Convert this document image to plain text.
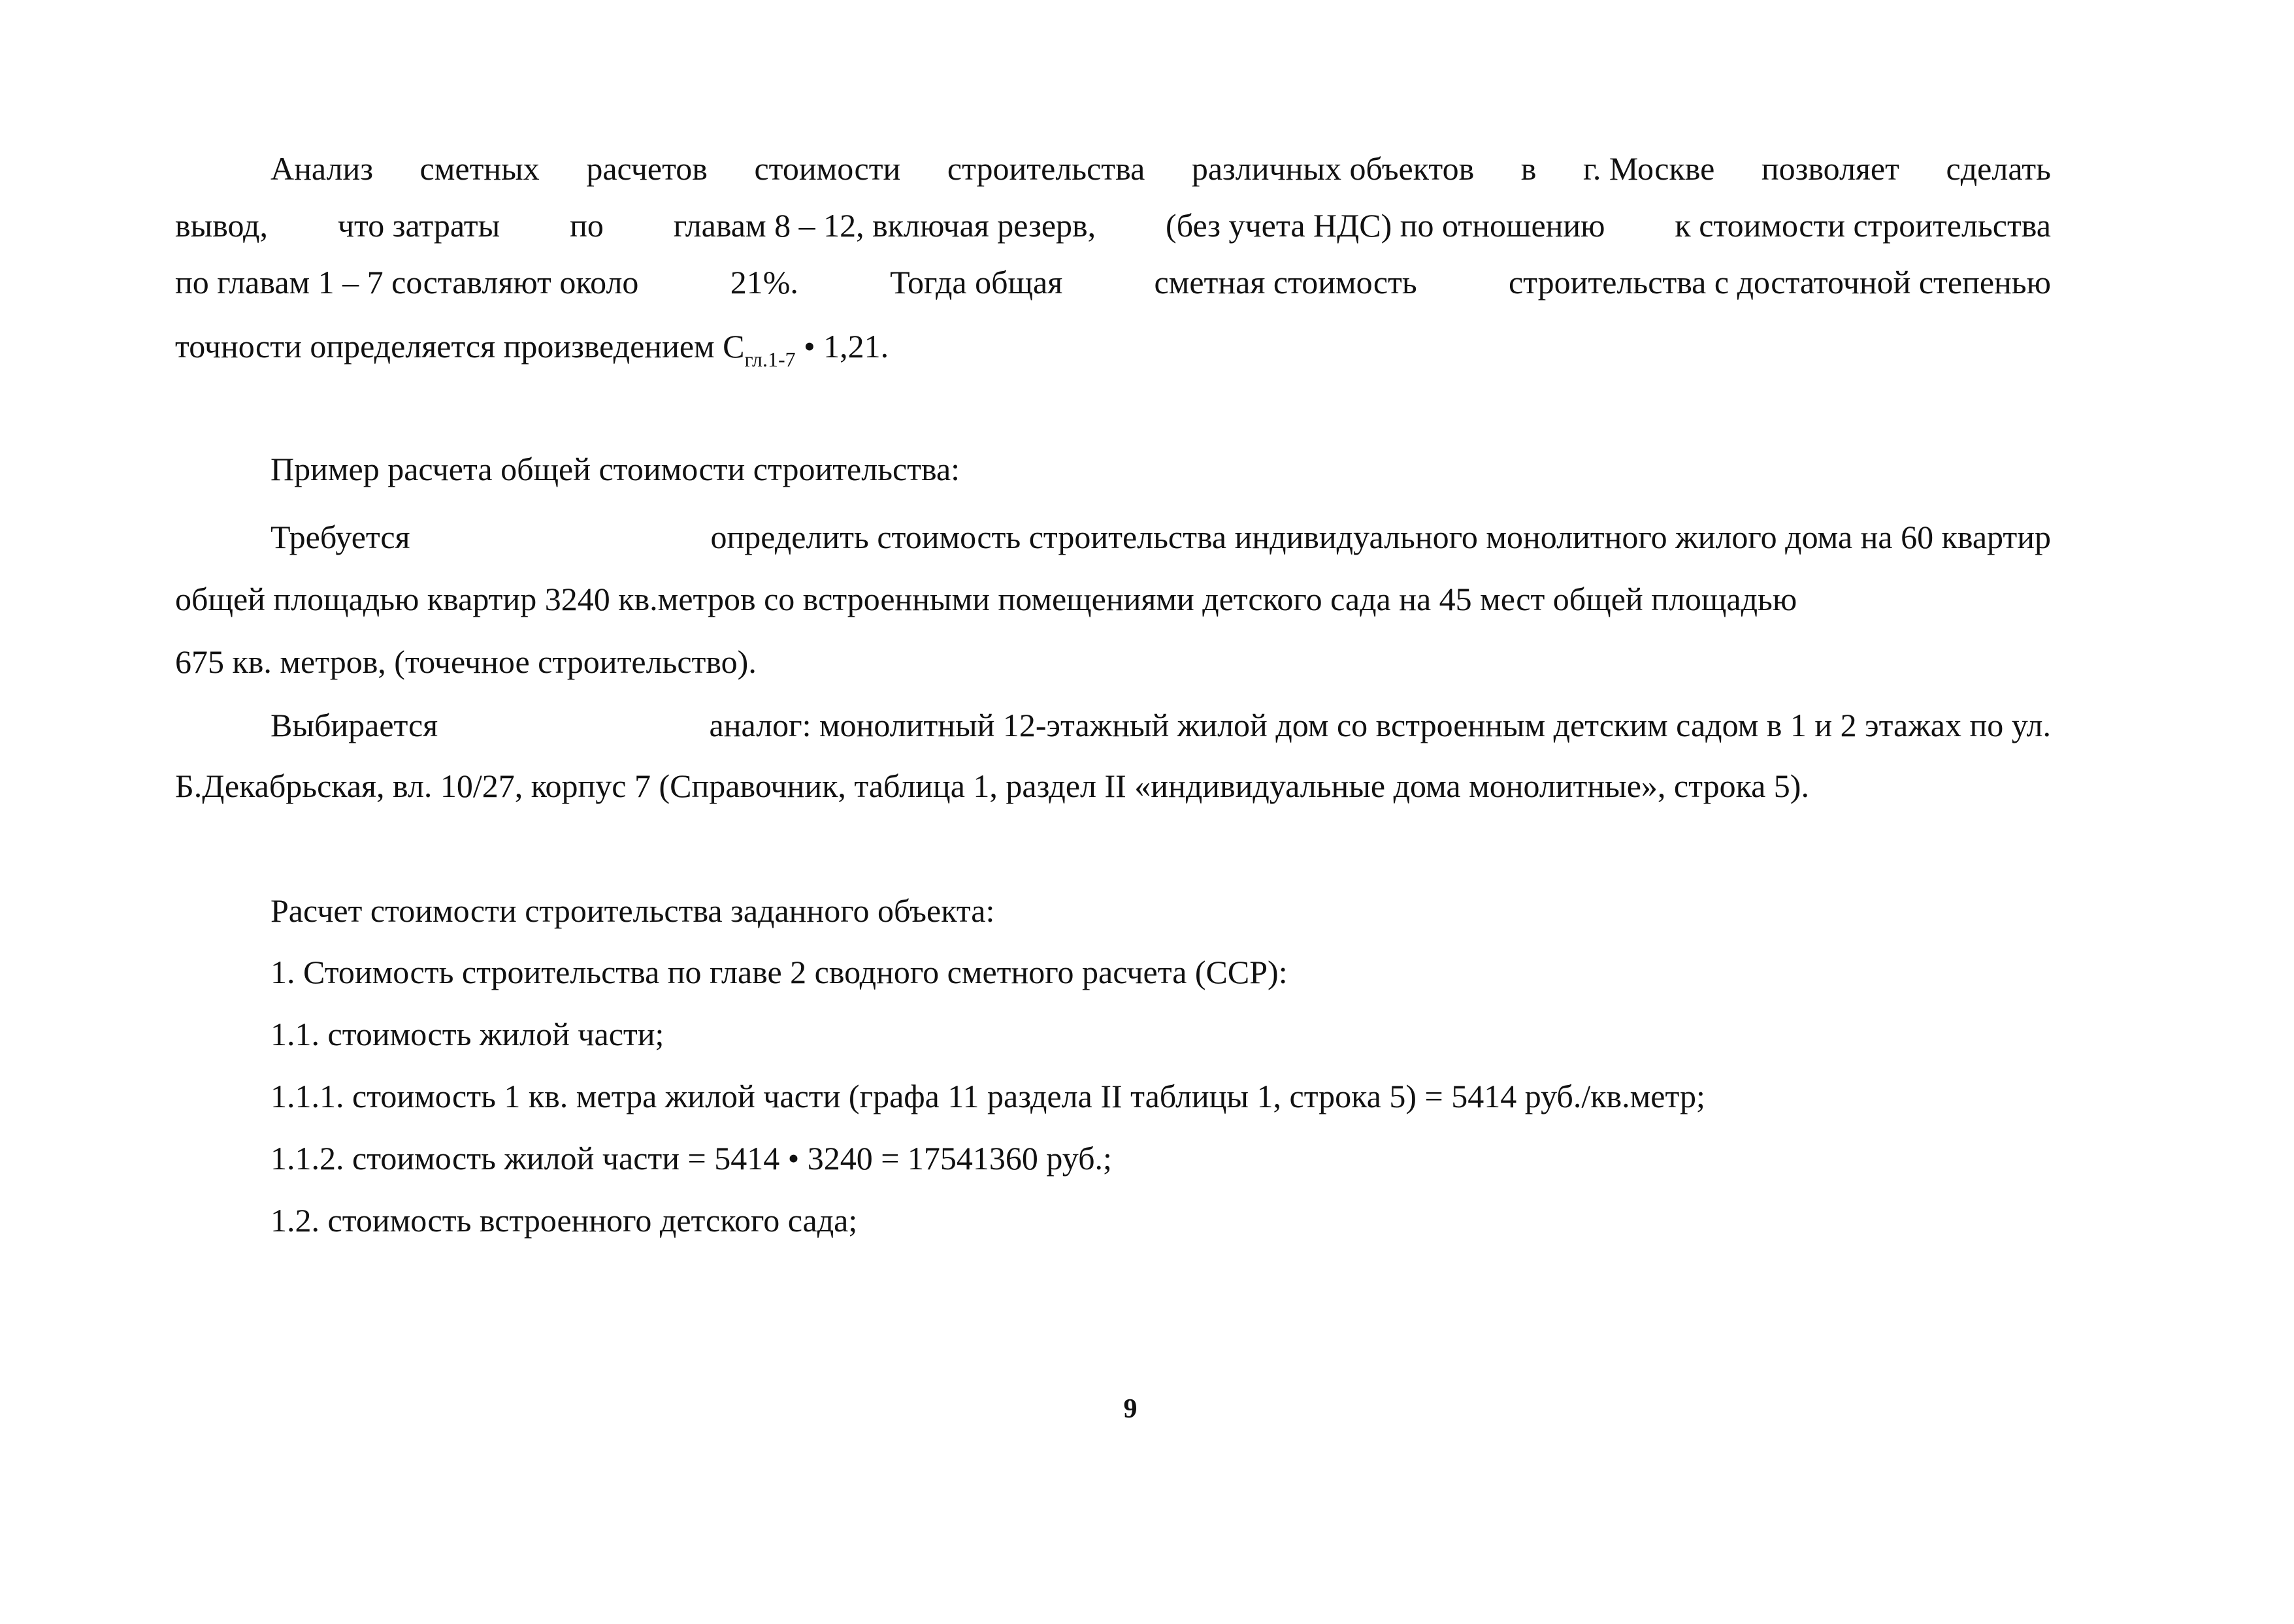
Анализ сметных расчетов стоимости строительства различных объектов в г. Москве позволяет сделать
вывод, что затраты по главам 8 – 12, включая резерв, (без учета НДС) по отношению к стоимости строительства
по главам 1 – 7 составляют около	21%.	Тогда общая	сметная стоимость	строительства с достаточной степенью
точности определяется произведением $С_{гл.1-7}$ • 1,21.
Пример расчета общей стоимости строительства:
Требуется	определить стоимость строительства индивидуального монолитного жилого дома на 60 квартир
общей площадью квартир 3240 кв.метров со встроенными помещениями детского сада на 45 мест общей площадью
675 кв. метров, (точечное строительство).
Выбирается	аналог: монолитный 12-этажный жилой дом со встроенным детским садом в 1 и 2 этажах по ул.
Б.Декабрьская, вл. 10/27, корпус 7 (Справочник, таблица 1, раздел II «индивидуальные дома монолитные», строка 5).
Расчет стоимости строительства заданного объекта:
1. Стоимость строительства по главе 2 сводного сметного расчета (ССР):
1.1. стоимость жилой части;
1.1.1. стоимость 1 кв. метра жилой части (графа 11 раздела II таблицы 1, строка 5) = 5414 руб./кв.метр;
1.1.2. стоимость жилой части = 5414 • 3240 = 17541360 руб.;
1.2. стоимость встроенного детского сада;
9
